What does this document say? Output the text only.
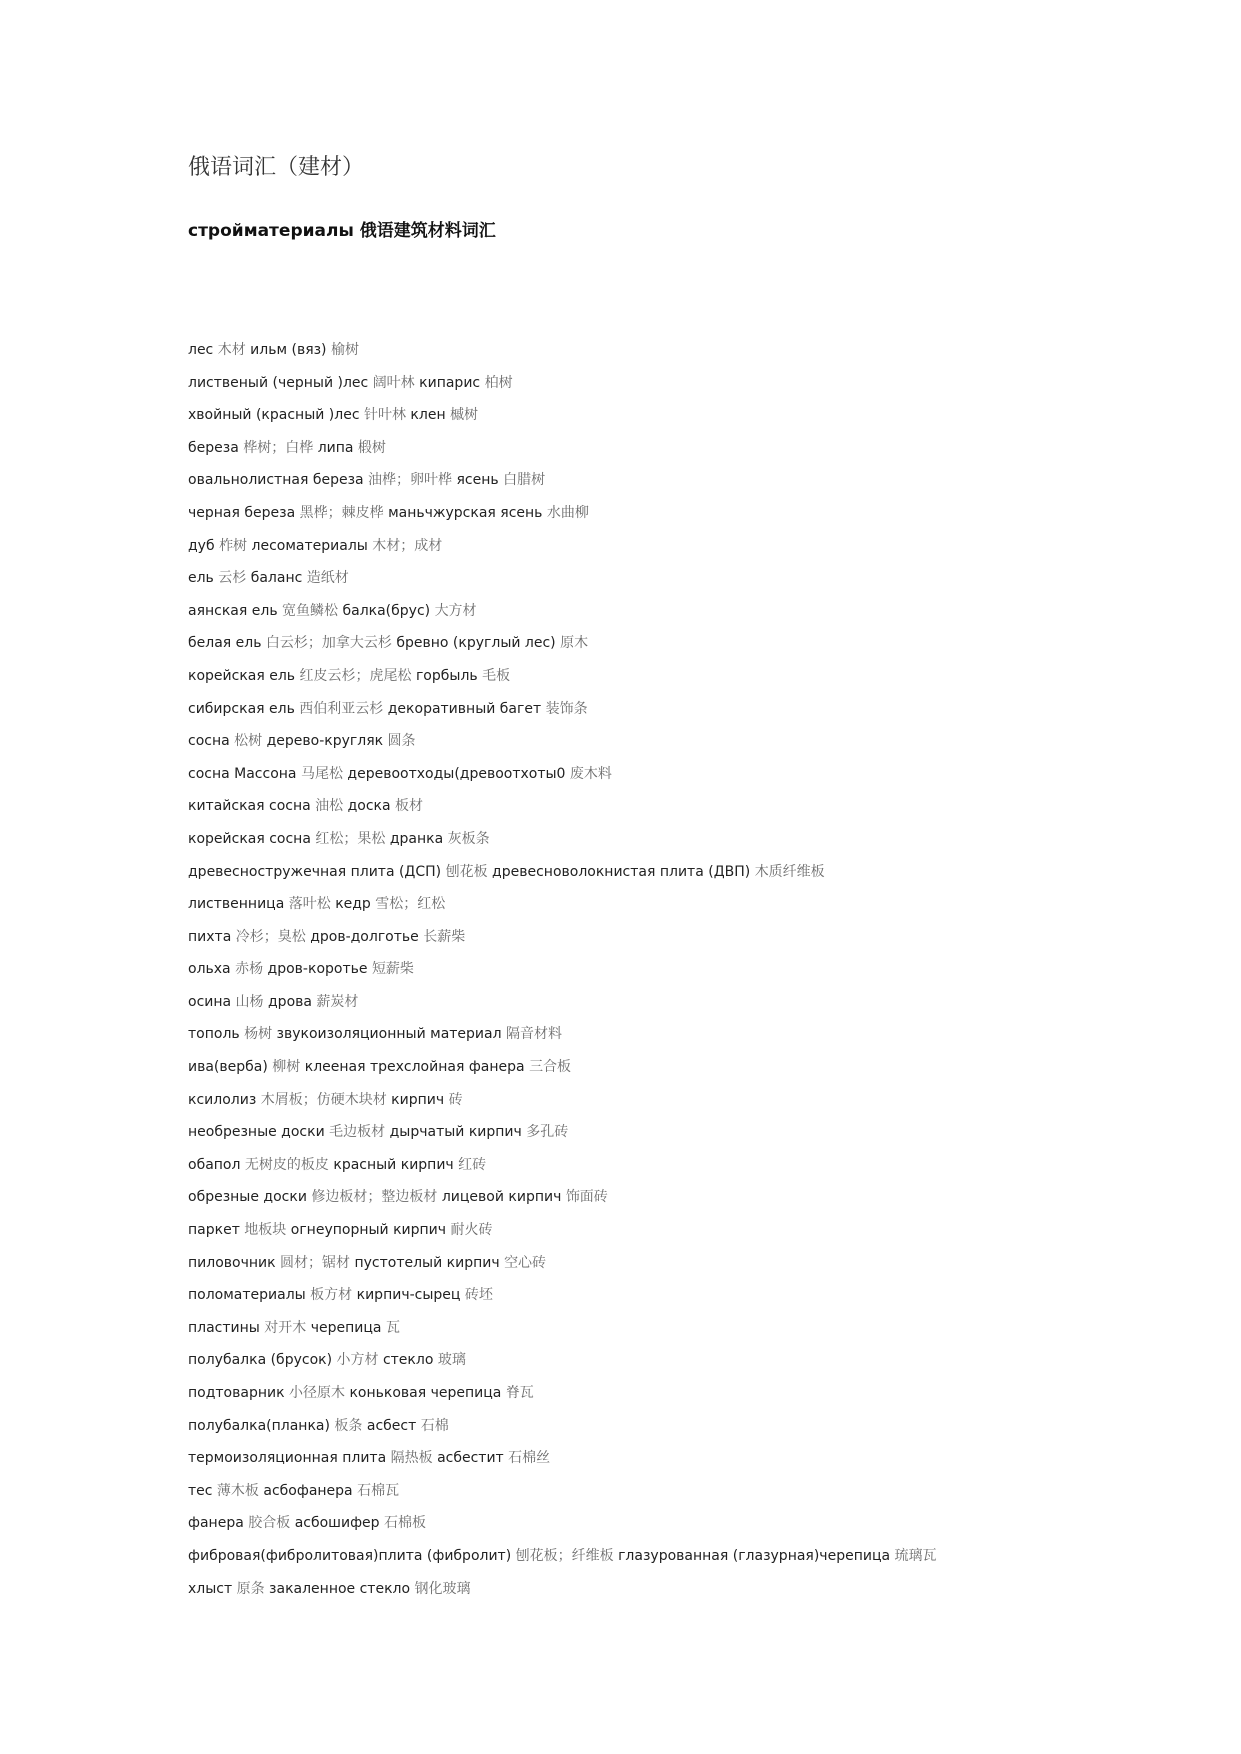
俄语词汇（建材）
стройматериалы 俄语建筑材料词汇
лес 木材 ильм (вяз) 榆树
лиственый (черный )лес 阔叶林 кипарис 柏树
хвойный (красный )лес 针叶林 клен 槭树
береза 桦树；白桦 липа 椴树
овальнолистная береза 油桦；卵叶桦 ясень 白腊树
черная береза 黑桦；棘皮桦 маньчжурская ясень 水曲柳
дуб 柞树 лесоматериалы 木材；成材
ель 云杉 баланс 造纸材
аянская ель 宽鱼鳞松 балка(брус) 大方材
белая ель 白云杉；加拿大云杉 бревно (круглый лес) 原木
корейская ель 红皮云杉；虎尾松 горбыль 毛板
сибирская ель 西伯利亚云杉 декоративный багет 装饰条
сосна 松树 дерево-кругляк 圆条
сосна Массона 马尾松 деревоотходы(древоотхоты0 废木料
китайская сосна 油松 доска 板材
корейская сосна 红松；果松 дранка 灰板条
древесностружечная плита (ДСП) 刨花板 древесноволокнистая плита (ДВП) 木质纤维板
лиственница 落叶松 кедр 雪松；红松
пихта 冷杉；臭松 дров-долготье 长薪柴
ольха 赤杨 дров-коротье 短薪柴
осина 山杨 дрова 薪炭材
тополь 杨树 звукоизоляционный материал 隔音材料
ива(верба) 柳树 клееная трехслойная фанера 三合板
ксилолиз 木屑板；仿硬木块材 кирпич 砖
необрезные доски 毛边板材 дырчатый кирпич 多孔砖
обапол 无树皮的板皮 красный кирпич 红砖
обрезные доски 修边板材；整边板材 лицевой кирпич 饰面砖
паркет 地板块 огнеупорный кирпич 耐火砖
пиловочник 圆材；锯材 пустотелый кирпич 空心砖
поломатериалы 板方材 кирпич-сырец 砖坯
пластины 对开木 черепица 瓦
полубалка (брусок) 小方材 стекло 玻璃
подтоварник 小径原木 коньковая черепица 脊瓦
полубалка(планка) 板条 асбест 石棉
термоизоляционная плита 隔热板 асбестит 石棉丝
тес 薄木板 асбофанера 石棉瓦
фанера 胶合板 асбошифер 石棉板
фибровая(фибролитовая)плита (фибролит) 刨花板；纤维板 глазурованная (глазурная)черепица 琉璃瓦
хлыст 原条 закаленное стекло 钢化玻璃
